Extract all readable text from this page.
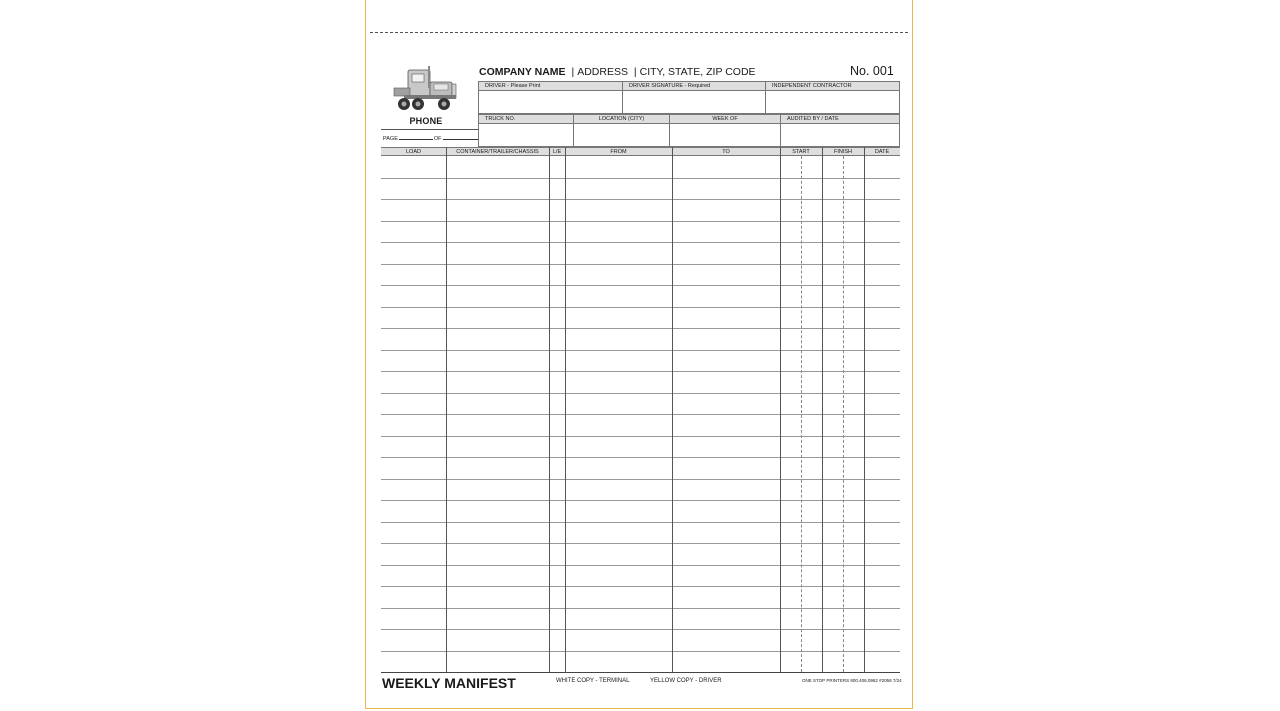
PHONE
PAGE	OF
COMPANY NAME | ADDRESS | CITY, STATE, ZIP CODE	No. 001
DRIVER - Please Print	DRIVER SIGNATURE - Required	INDEPENDENT CONTRACTOR
TRUCK NO.	LOCATION (CITY)	WEEK OF	AUDITED BY / DATE
LOAD	CONTAINER/TRAILER/CHASSIS	L/E	FROM	TO	START	FINISH	DATE
WEEKLY MANIFEST	WHITE COPY - TERMINAL	YELLOW COPY - DRIVER	ONE STOP PRINTERS 800.406.0982 #2058 7/24
